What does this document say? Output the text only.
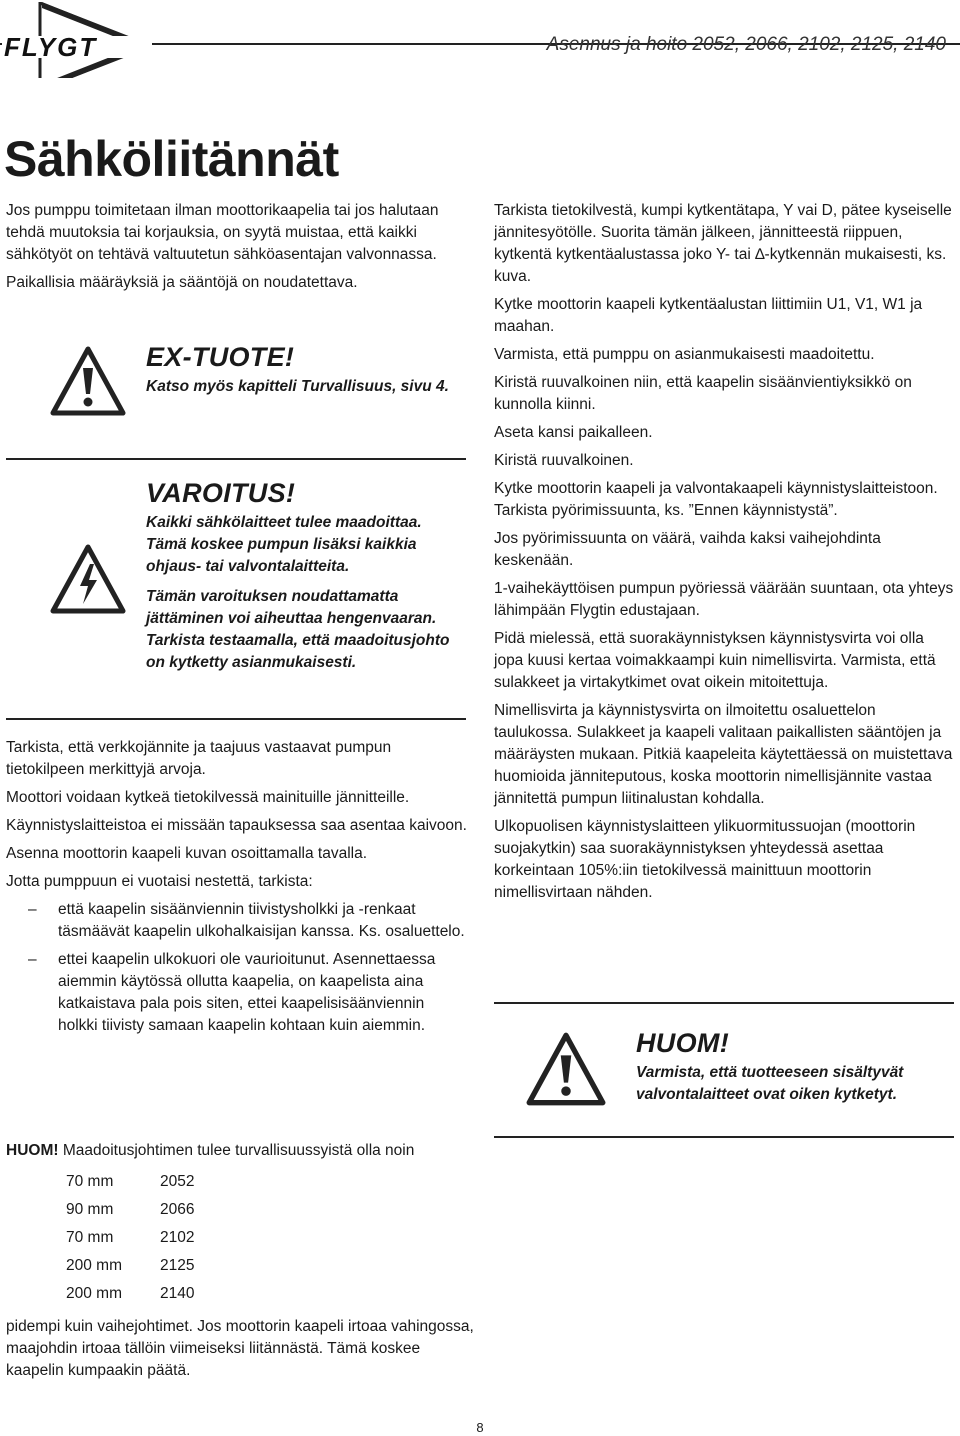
FLYGT	Asennus ja hoito 2052, 2066, 2102, 2125, 2140
Sähköliitännät

Jos pumppu toimitetaan ilman moottorikaapelia tai jos halutaan tehdä muutoksia tai korjauksia, on syytä muistaa, että kaikki sähkötyöt on tehtävä valtuutetun sähköasentajan valvonnassa.

Paikallisia määräyksiä ja sääntöjä on noudatettava.

EX-TUOTE!
Katso myös kapitteli Turvallisuus, sivu 4.
VAROITUS!

Kaikki sähkölaitteet tulee maadoittaa. Tämä koskee pumpun lisäksi kaikkia ohjaus- tai valvontalaitteita.

Tämän varoituksen noudattamatta jättäminen voi aiheuttaa hengenvaaran. Tarkista testaamalla, että maadoitusjohto on kytketty asianmukaisesti.

Tarkista, että verkkojännite ja taajuus vastaavat pumpun tietokilpeen merkittyjä arvoja.

Moottori voidaan kytkeä tietokilvessä mainituille jännitteille.

Käynnistyslaitteistoa ei missään tapauksessa saa asentaa kaivoon.

Asenna moottorin kaapeli kuvan osoittamalla tavalla.

Jotta pumppuun ei vuotaisi nestettä, tarkista:

– että kaapelin sisäänviennin tiivistysholkki ja -renkaat täsmäävät kaapelin ulkohalkaisijan kanssa. Ks. osaluettelo.
– ettei kaapelin ulkokuori ole vaurioitunut. Asennettaessa aiemmin käytössä ollutta kaapelia, on kaapelista aina katkaistava pala pois siten, ettei kaapelisisäänviennin holkki tiivisty samaan kaapelin kohtaan kuin aiemmin.
HUOM! Maadoitusjohtimen tulee turvallisuussyistä olla noin
70 mm	2052
90 mm	2066
70 mm	2102
200 mm	2125
200 mm	2140
pidempi kuin vaihejohtimet. Jos moottorin kaapeli irtoaa vahingossa, maajohdin irtoaa tällöin viimeiseksi liitännästä. Tämä koskee kaapelin kumpaakin päätä.

Tarkista tietokilvestä, kumpi kytkentätapa, Y vai D, pätee kyseiselle jännitesyötölle. Suorita tämän jälkeen, jännitteestä riippuen, kytkentä kytkentäalustassa joko Y- tai ∆-kytkennän mukaisesti, ks. kuva.

Kytke moottorin kaapeli kytkentäalustan liittimiin U1, V1, W1 ja maahan.

Varmista, että pumppu on asianmukaisesti maadoitettu.

Kiristä ruuvalkoinen niin, että kaapelin sisäänvientiyksikkö on kunnolla kiinni.

Aseta kansi paikalleen.

Kiristä ruuvalkoinen.

Kytke moottorin kaapeli ja valvontakaapeli käynnistyslaitteistoon. Tarkista pyörimissuunta, ks. ”Ennen käynnistystä”.

Jos pyörimissuunta on väärä, vaihda kaksi vaihejohdinta keskenään.

1-vaihekäyttöisen pumpun pyöriessä väärään suuntaan, ota yhteys lähimpään Flygtin edustajaan.

Pidä mielessä, että suorakäynnistyksen käynnistysvirta voi olla jopa kuusi kertaa voimakkaampi kuin nimellisvirta. Varmista, että sulakkeet ja virtakytkimet ovat oikein mitoitettuja.

Nimellisvirta ja käynnistysvirta on ilmoitettu osaluettelon taulukossa. Sulakkeet ja kaapeli valitaan paikallisten sääntöjen ja määräysten mukaan. Pitkiä kaapeleita käytettäessä on muistettava huomioida jänniteputous, koska moottorin nimellisjännite vastaa jännitettä pumpun liitinalustan kohdalla.

Ulkopuolisen käynnistyslaitteen ylikuormitussuojan (moottorin suojakytkin) saa suorakäynnistyksen yhteydessä asettaa korkeintaan 105%:iin tietokilvessä mainittuun moottorin nimellisvirtaan nähden.

HUOM!
Varmista, että tuotteeseen sisältyvät valvontalaitteet ovat oiken kytketyt.
8
